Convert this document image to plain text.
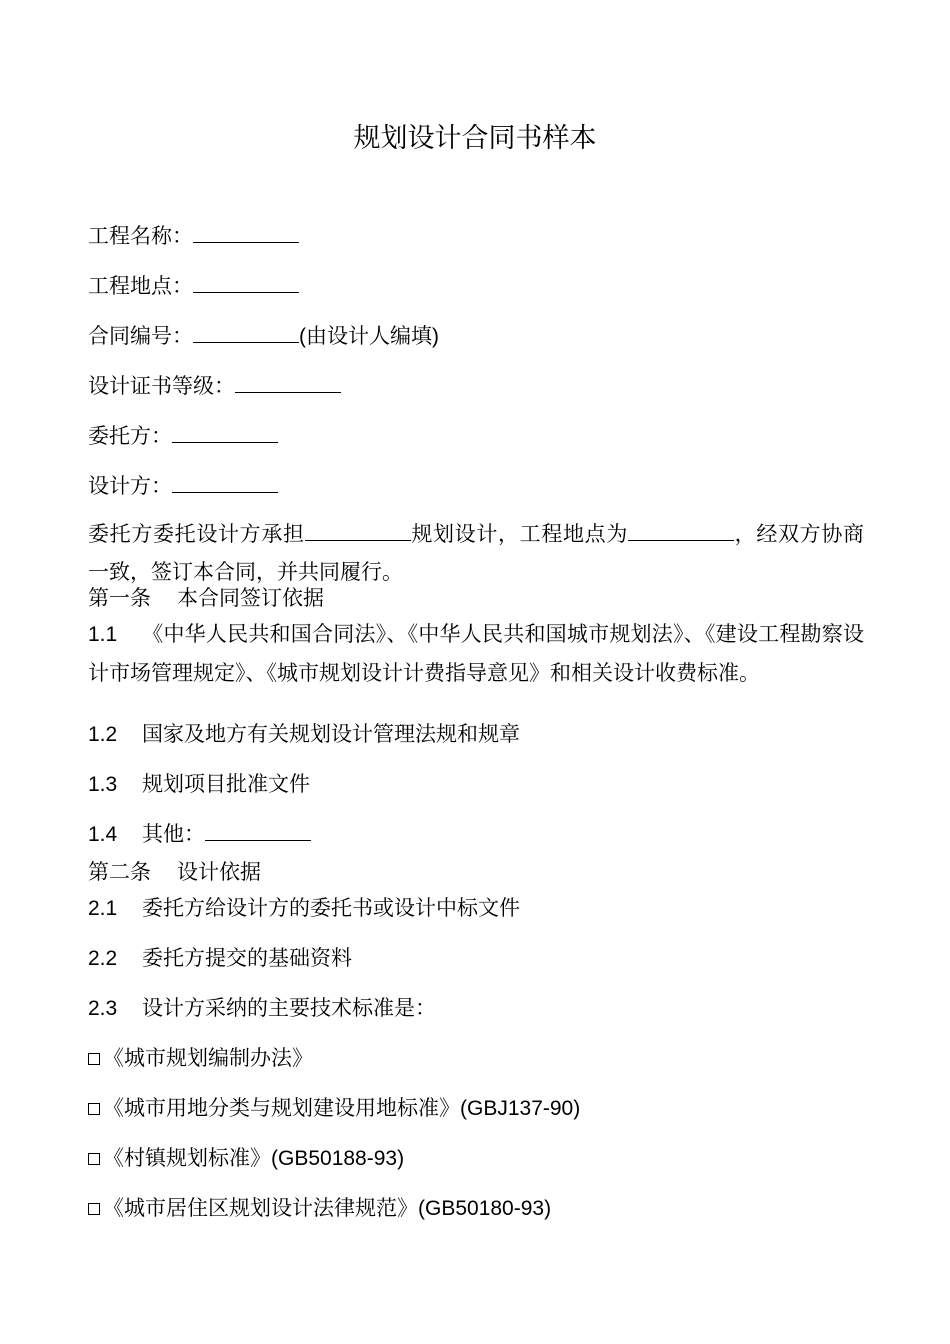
规划设计合同书样本
工程名称：
工程地点：
合同编号：	(由设计人编填)
设计证书等级：
委托方：
设计方：
委托方委托设计方承担	规划设计，工程地点为	，经双方协商一致，签订本合同，并共同履行。
第一条 本合同签订依据
1.1 《中华人民共和国合同法》、《中华人民共和国城市规划法》、《建设工程勘察设计市场管理规定》、《城市规划设计计费指导意见》和相关设计收费标准。
1.2 国家及地方有关规划设计管理法规和规章
1.3 规划项目批准文件
1.4 其他：
第二条 设计依据
2.1 委托方给设计方的委托书或设计中标文件
2.2 委托方提交的基础资料
2.3 设计方采纳的主要技术标准是：
《城市规划编制办法》
《城市用地分类与规划建设用地标准》(GBJ137-90)
《村镇规划标准》(GB50188-93)
《城市居住区规划设计法律规范》(GB50180-93)
